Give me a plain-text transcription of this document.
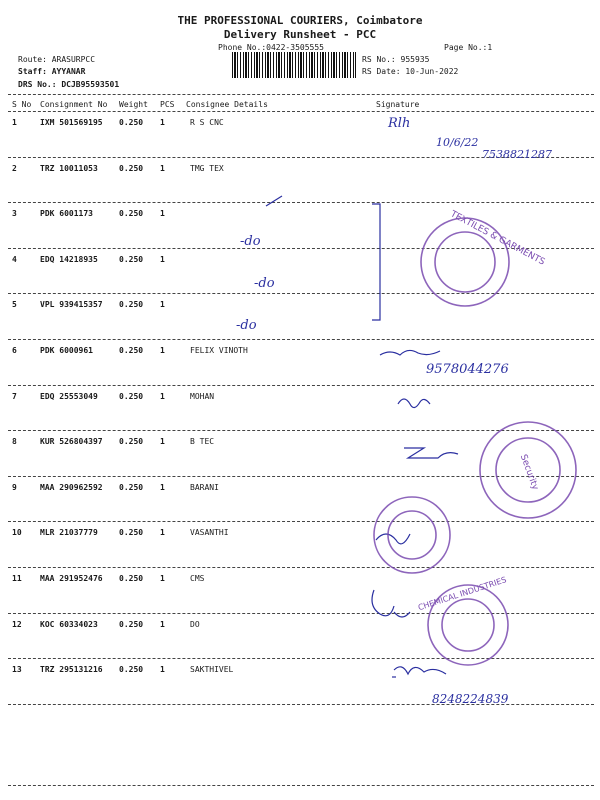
THE PROFESSIONAL COURIERS, Coimbatore
Delivery Runsheet - PCC
Phone No.:0422-3505555	Page No.:1
Route: ARASURPCC
Staff: AYYANAR
DRS No.: DCJB95593501
RS No.: 955935
RS Date: 10-Jun-2022
S No Consignment No Weight PCS Consignee Details	Signature
1	IXM 501569195 0.250 1	R S CNC
2	TRZ 10011053	0.250 1	TMG TEX
3	PDK 6001173	0.250 1
4	EDQ 14218935	0.250 1
5	VPL 939415357 0.250 1
6	PDK 6000961	0.250 1	FELIX VINOTH
7	EDQ 25553049	0.250 1	MOHAN
8	KUR 526804397 0.250 1	B TEC
9	MAA 290962592 0.250 1	BARANI
10 MLR 21037779	0.250 1	VASANTHI
11 MAA 291952476 0.250 1	CMS
12 KOC 60334023	0.250 1	DO
13 TRZ 295131216 0.250 1	SAKTHIVEL
Rlh
10/6/22
7538821287
-do
-do
-do
9578044276
8248224839
TEXTILES & GARMENTS
Security
CHEMICAL INDUSTRIES
